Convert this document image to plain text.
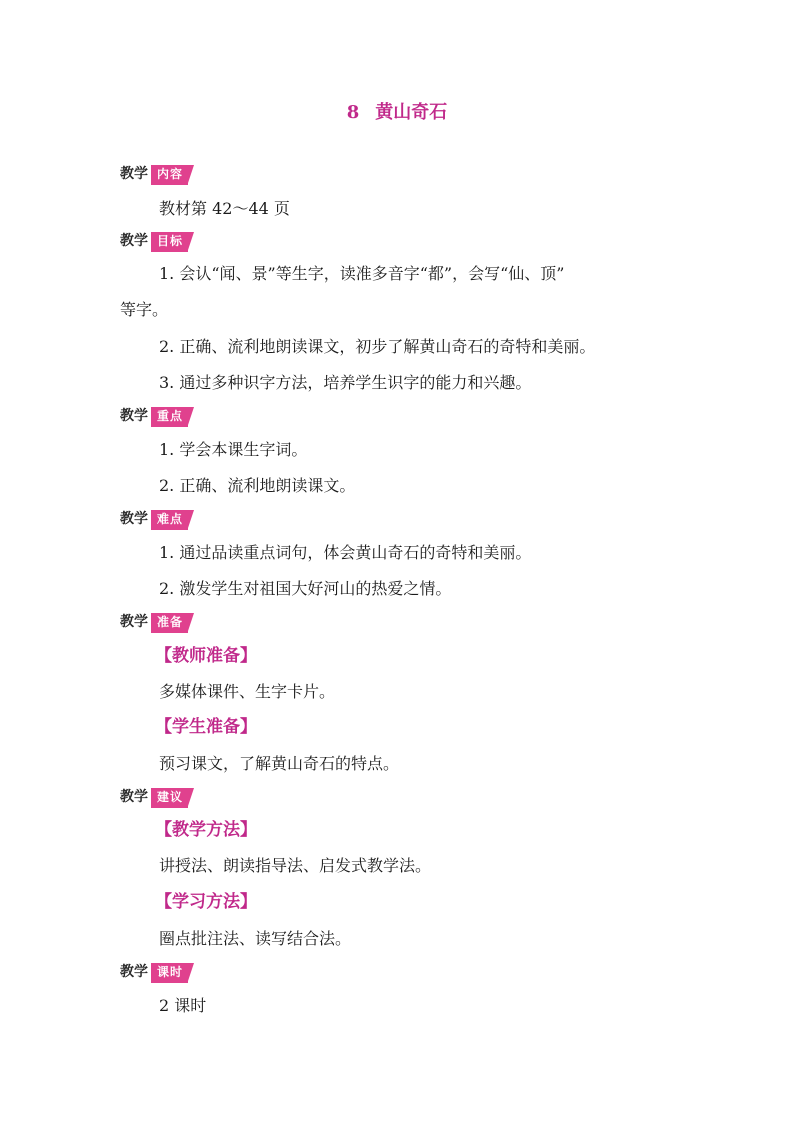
8 黄山奇石
教学 内容
教材第 42～44 页
教学 目标
1. 会认“闻、景”等生字，读准多音字“都”，会写“仙、顶”
等字。
2. 正确、流利地朗读课文，初步了解黄山奇石的奇特和美丽。
3. 通过多种识字方法，培养学生识字的能力和兴趣。
教学 重点
1. 学会本课生字词。
2. 正确、流利地朗读课文。
教学 难点
1. 通过品读重点词句，体会黄山奇石的奇特和美丽。
2. 激发学生对祖国大好河山的热爱之情。
教学 准备
【教师准备】
多媒体课件、生字卡片。
【学生准备】
预习课文，了解黄山奇石的特点。
教学 建议
【教学方法】
讲授法、朗读指导法、启发式教学法。
【学习方法】
圈点批注法、读写结合法。
教学 课时
2 课时
